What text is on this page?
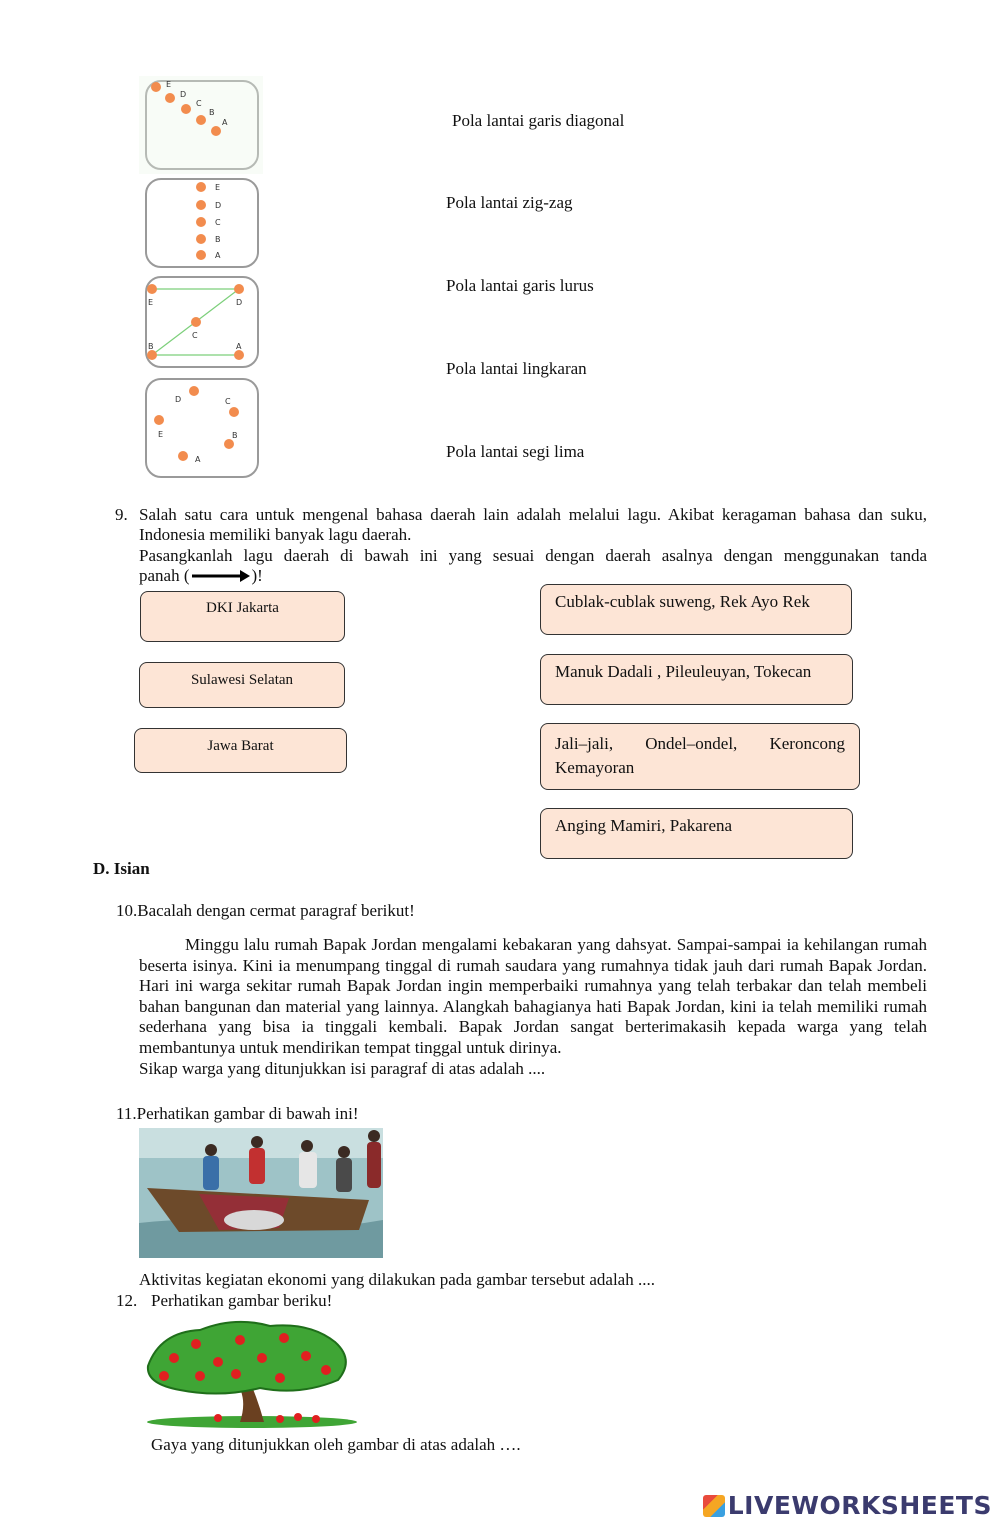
E
D
C
B
A
E
D
C
B
A
E	D
C
B	A
D	C
E	B
A
Pola lantai garis diagonal
Pola lantai zig-zag
Pola lantai garis lurus
Pola lantai lingkaran
Pola lantai segi lima
9. Salah satu cara untuk mengenal bahasa daerah lain adalah melalui lagu. Akibat keragaman bahasa dan suku,
Indonesia memiliki banyak lagu daerah.
Pasangkanlah lagu daerah di bawah ini yang sesuai dengan daerah asalnya dengan menggunakan tanda
panah (	)!
DKI Jakarta
Sulawesi Selatan
Jawa Barat
Cublak-cublak suweng, Rek Ayo Rek
Manuk Dadali , Pileuleuyan, Tokecan
Jali–jali, Ondel–ondel, Keroncong Kemayoran
Anging Mamiri, Pakarena
D. Isian
10.Bacalah dengan cermat paragraf berikut!
Minggu lalu rumah Bapak Jordan mengalami kebakaran yang dahsyat. Sampai-sampai ia kehilangan rumah beserta isinya. Kini ia menumpang tinggal di rumah saudara yang rumahnya tidak jauh dari rumah Bapak Jordan. Hari ini warga sekitar rumah Bapak Jordan ingin memperbaiki rumahnya yang telah terbakar dan telah membeli bahan bangunan dan material yang lainnya. Alangkah bahagianya hati Bapak Jordan, kini ia telah memiliki rumah sederhana yang bisa ia tinggali kembali. Bapak Jordan sangat berterimakasih kepada warga yang telah membantunya untuk mendirikan tempat tinggal untuk dirinya.
Sikap warga yang ditunjukkan isi paragraf di atas adalah ....
11.Perhatikan gambar di bawah ini!
Aktivitas kegiatan ekonomi yang dilakukan pada gambar tersebut adalah ....
12. Perhatikan gambar beriku!
Gaya yang ditunjukkan oleh gambar di atas adalah ….
LIVEWORKSHEETS
